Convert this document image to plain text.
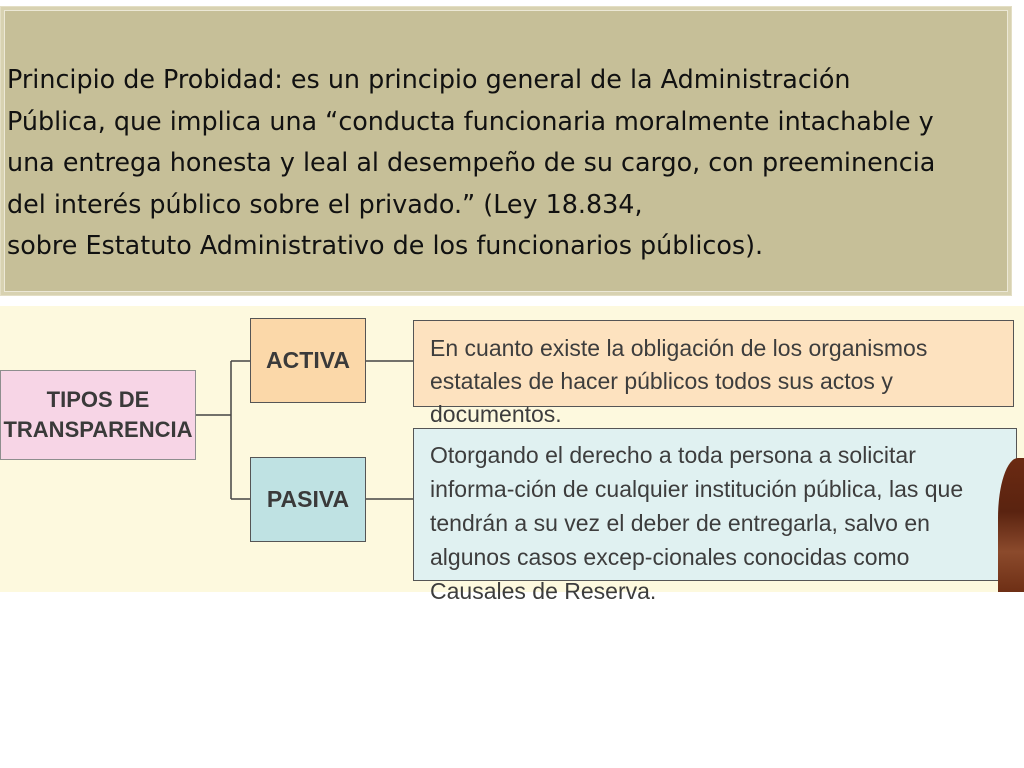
Principio de Probidad: es un principio general de la Administración
Pública, que implica una “conducta funcionaria moralmente intachable y
una entrega honesta y leal al desempeño de su cargo, con preeminencia
del interés público sobre el privado.” (Ley 18.834,
sobre Estatuto Administrativo de los funcionarios públicos).

TIPOS DE
TRANSPARENCIA
ACTIVA	En cuanto existe la obligación de los organismos estatales de hacer públicos todos sus actos y documentos.

PASIVA

Otorgando el derecho a toda persona a solicitar informa-ción de cualquier institución pública, las que tendrán a su vez el deber de entregarla, salvo en algunos casos excep-cionales conocidas como Causales de Reserva.
